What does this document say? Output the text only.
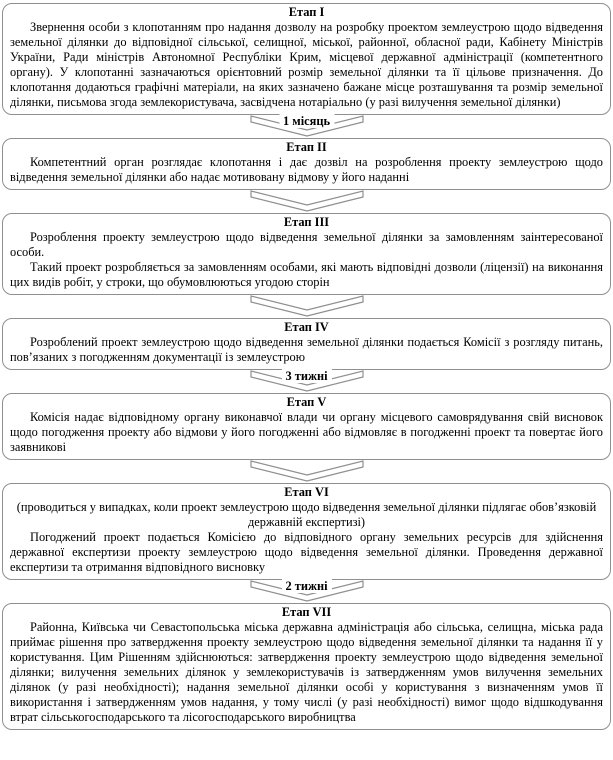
Етап I

Звернення особи з клопотанням про надання дозволу на розробку проектом землеустрою щодо відведення земельної ділянки до відповідної сільської, селищної, міської, районної, обласної ради, Кабінету Міністрів України, Ради міністрів Автономної Республіки Крим, місцевої державної адміністрації (компетентного органу). У клопотанні зазначаються орієнтовний розмір земельної ділянки та її цільове призначення. До клопотання додаються графічні матеріали, на яких зазначено бажане місце розташування та розмір земельної ділянки, письмова згода землекористувача, засвідчена нотаріально (у разі вилучення земельної ділянки)

1 місяць
Етап II

Компетентний орган розглядає клопотання і дає дозвіл на розроблення проекту землеустрою щодо відведення земельної ділянки або надає мотивовану відмову у його наданні

Етап III

Розроблення проекту землеустрою щодо відведення земельної ділянки за замовленням заінтересованої особи.

Такий проект розробляється за замовленням особами, які мають відповідні дозволи (ліцензії) на виконання цих видів робіт, у строки, що обумовлюються угодою сторін

Етап IV

Розроблений проект землеустрою щодо відведення земельної ділянки подається Комісії з розгляду питань, пов’язаних з погодженням документації із землеустрою

3 тижні
Етап V

Комісія надає відповідному органу виконавчої влади чи органу місцевого самоврядування свій висновок щодо погодження проекту або відмови у його погодженні або відмовляє в погодженні проект та повертає його заявникові

Етап VI

(проводиться у випадках, коли проект землеустрою щодо відведення земельної ділянки підлягає обов’язковій державній експертизі)

Погоджений проект подається Комісією до відповідного органу земельних ресурсів для здійснення державної експертизи проекту землеустрою щодо відведення земельної ділянки. Проведення державної експертизи та отримання відповідного висновку

2 тижні
Етап VII

Районна, Київська чи Севастопольська міська державна адміністрація або сільська, селищна, міська рада приймає рішення про затвердження проекту землеустрою щодо відведення земельної ділянки та надання її у користування. Цим Рішенням здійснюються: затвердження проекту землеустрою щодо відведення земельної ділянки; вилучення земельних ділянок у землекористувачів із затвердженням умов вилучення земельних ділянок (у разі необхідності); надання земельної ділянки особі у користування з визначенням умов її використання і затвердженням умов надання, у тому числі (у разі необхідності) вимог щодо відшкодування втрат сільськогосподарського та лісогосподарського виробництва
